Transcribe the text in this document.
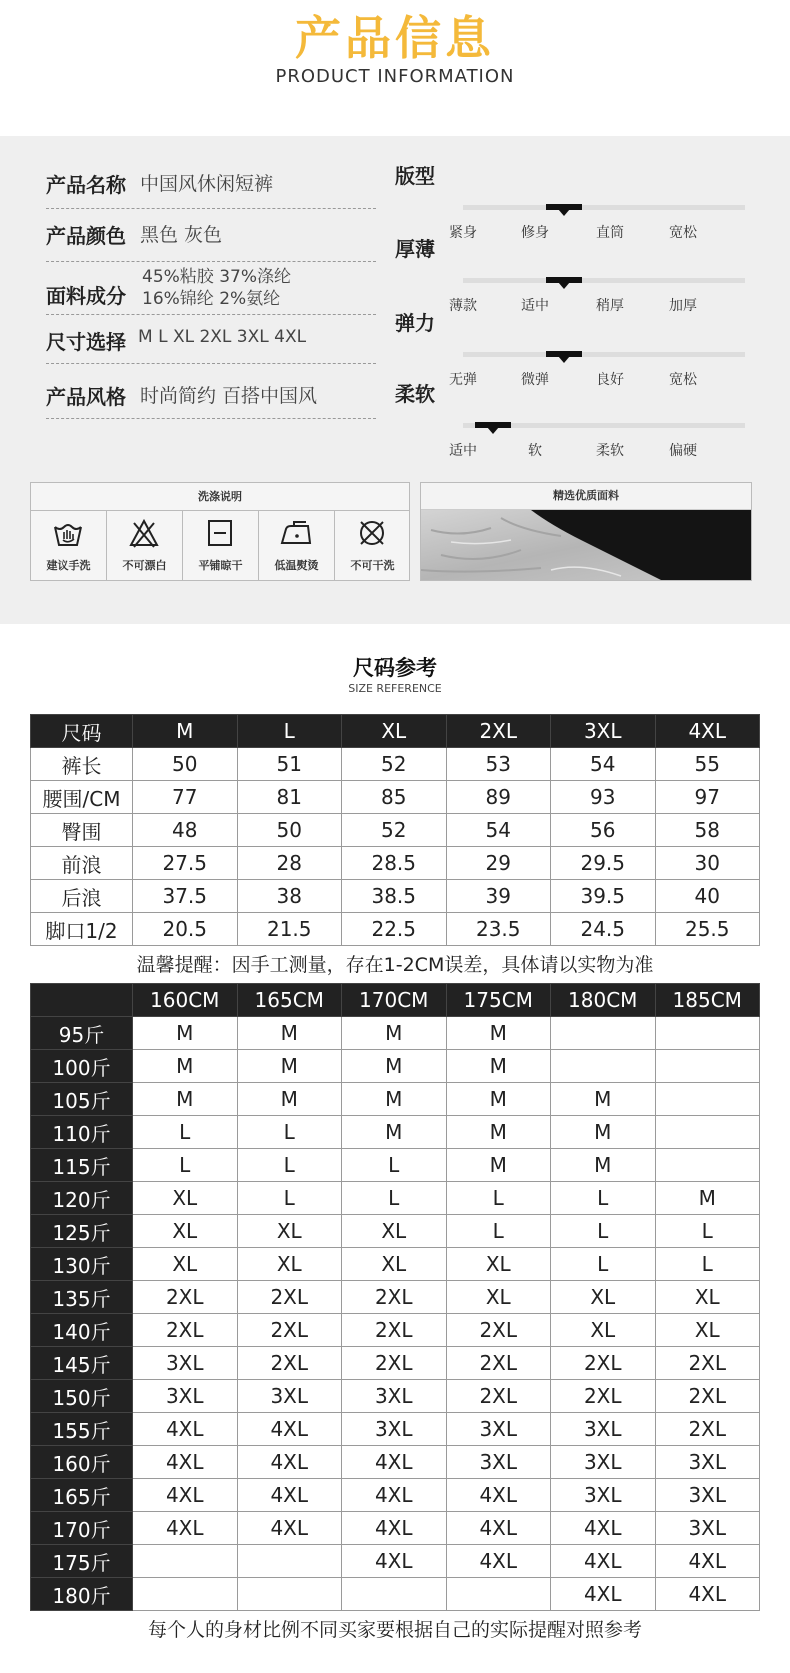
产品信息
PRODUCT INFORMATION
产品名称 中国风休闲短裤
产品颜色 黑色 灰色
面料成分
45%粘胶 37%涤纶
16%锦纶 2%氨纶
尺寸选择 M L XL 2XL 3XL 4XL
产品风格 时尚简约 百搭中国风
版型
紧身	修身	直筒	宽松
厚薄
薄款	适中	稍厚	加厚
弹力
无弹	微弹	良好	宽松
柔软
适中	软	柔软	偏硬
洗涤说明
建议手洗	不可漂白	平铺晾干	低温熨烫	不可干洗
精选优质面料
尺码参考
SIZE REFERENCE
尺码	M	L	XL	2XL	3XL	4XL
裤长	50	51	52	53	54	55
腰围/CM	77	81	85	89	93	97
臀围	48	50	52	54	56	58
前浪	27.5	28	28.5	29	29.5	30
后浪	37.5	38	38.5	39	39.5	40
脚口1/2	20.5	21.5	22.5	23.5	24.5	25.5
温馨提醒：因手工测量，存在1-2CM误差，具体请以实物为准
	160CM	165CM	170CM	175CM	180CM	185CM
95斤	M	M	M	M		
100斤	M	M	M	M		
105斤	M	M	M	M	M	
110斤	L	L	M	M	M	
115斤	L	L	L	M	M	
120斤	XL	L	L	L	L	M
125斤	XL	XL	XL	L	L	L
130斤	XL	XL	XL	XL	L	L
135斤	2XL	2XL	2XL	XL	XL	XL
140斤	2XL	2XL	2XL	2XL	XL	XL
145斤	3XL	2XL	2XL	2XL	2XL	2XL
150斤	3XL	3XL	3XL	2XL	2XL	2XL
155斤	4XL	4XL	3XL	3XL	3XL	2XL
160斤	4XL	4XL	4XL	3XL	3XL	3XL
165斤	4XL	4XL	4XL	4XL	3XL	3XL
170斤	4XL	4XL	4XL	4XL	4XL	3XL
175斤			4XL	4XL	4XL	4XL
180斤					4XL	4XL
每个人的身材比例不同买家要根据自己的实际提醒对照参考
